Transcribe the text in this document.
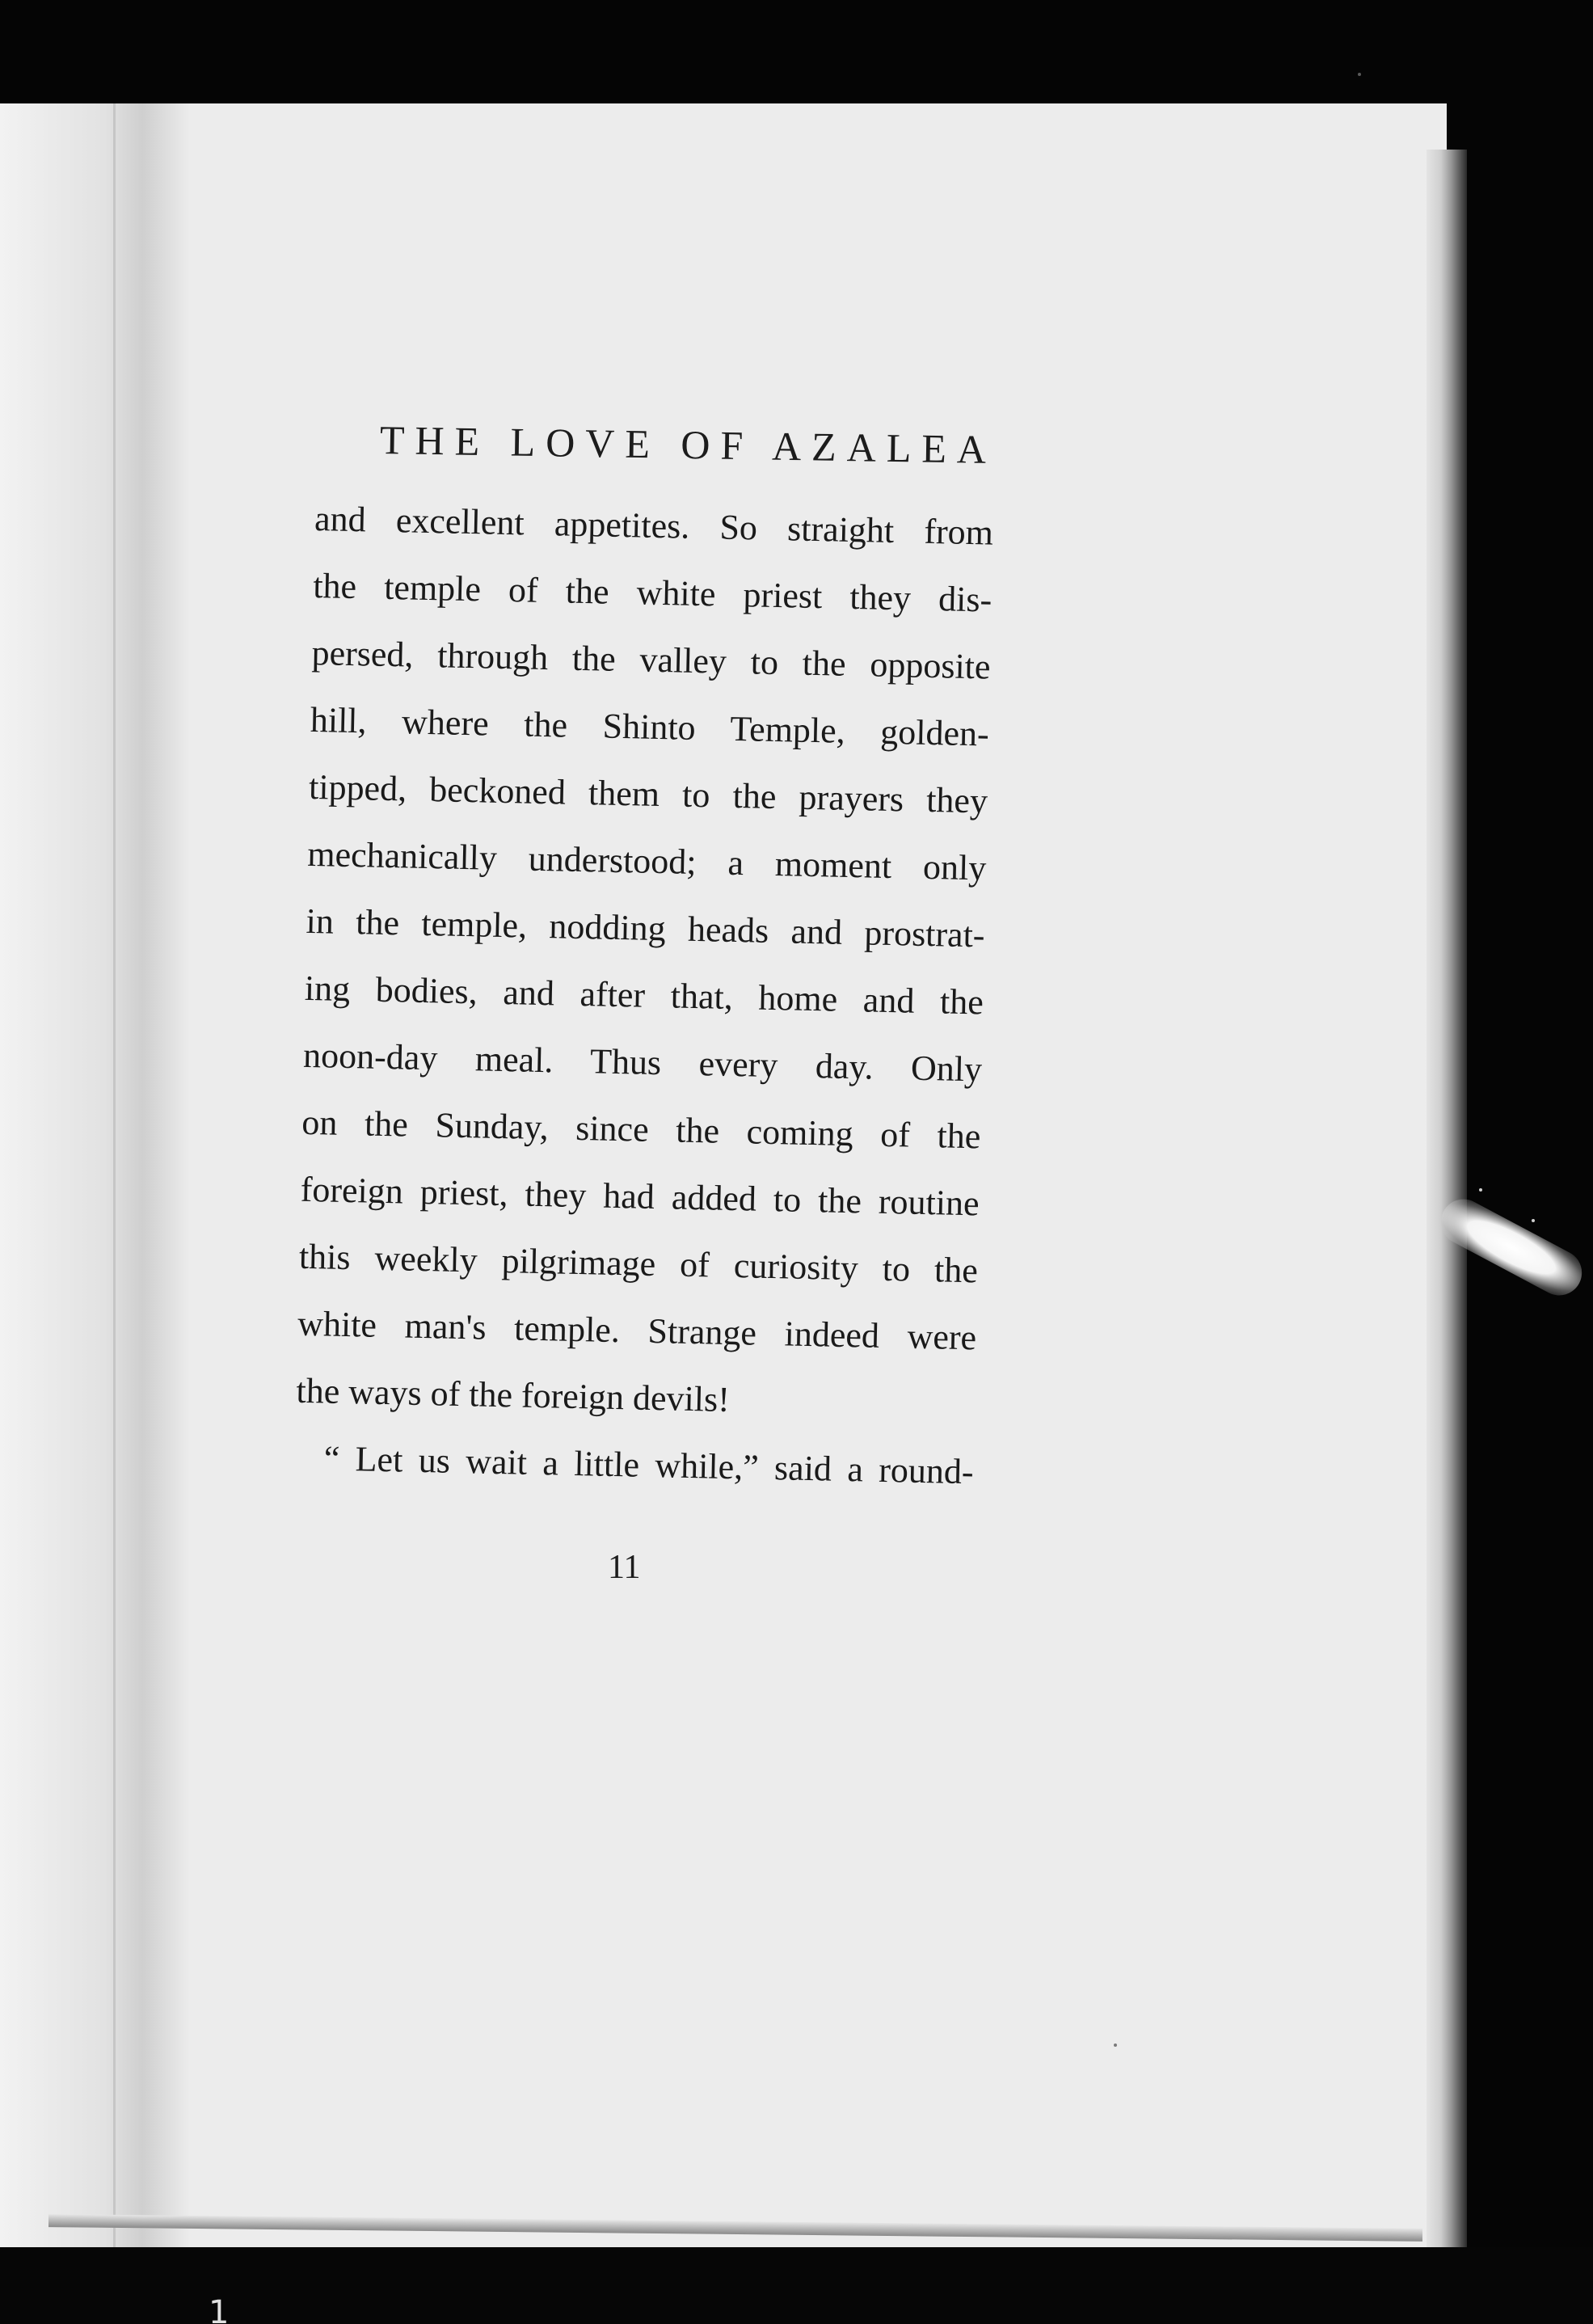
THE LOVE OF AZALEA
and excellent appetites. So straight from
the temple of the white priest they dis-
persed, through the valley to the opposite
hill, where the Shinto Temple, golden-
tipped, beckoned them to the prayers they
mechanically understood; a moment only
in the temple, nodding heads and prostrat-
ing bodies, and after that, home and the
noon-day meal. Thus every day. Only
on the Sunday, since the coming of the
foreign priest, they had added to the routine
this weekly pilgrimage of curiosity to the
white man's temple. Strange indeed were
the ways of the foreign devils!
“ Let us wait a little while,” said a round-
11
1
